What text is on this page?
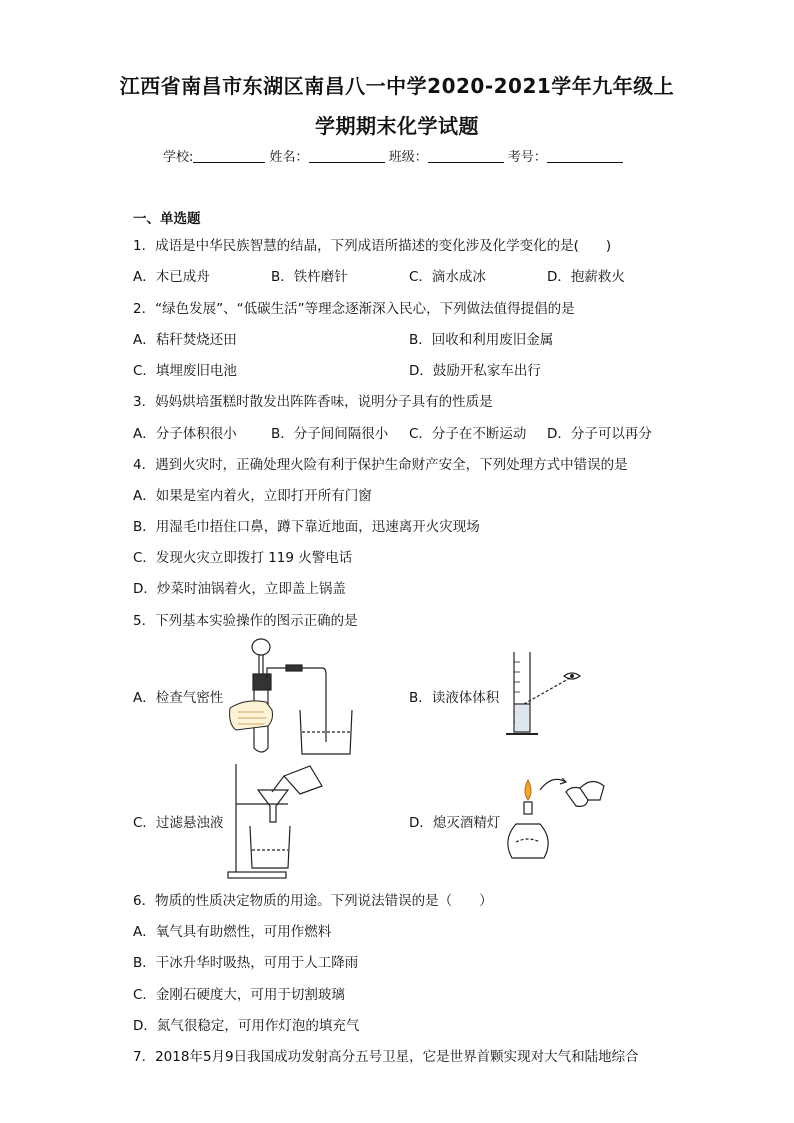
江西省南昌市东湖区南昌八一中学2020-2021学年九年级上
学期期末化学试题
学校:	姓名：	班级：	考号：
一、单选题
1．成语是中华民族智慧的结晶，下列成语所描述的变化涉及化学变化的是(　　)
A．木已成舟	B．铁杵磨针	C．滴水成冰	D．抱薪救火
2．“绿色发展”、“低碳生活”等理念逐渐深入民心，下列做法值得提倡的是
A．秸秆焚烧还田	B．回收和利用废旧金属
C．填埋废旧电池	D．鼓励开私家车出行
3．妈妈烘培蛋糕时散发出阵阵香味，说明分子具有的性质是
A．分子体积很小	B．分子间间隔很小 C．分子在不断运动 D．分子可以再分
4．遇到火灾时，正确处理火险有利于保护生命财产安全，下列处理方式中错误的是
A．如果是室内着火，立即打开所有门窗
B．用湿毛巾捂住口鼻，蹲下靠近地面，迅速离开火灾现场
C．发现火灾立即拨打 119 火警电话
D．炒菜时油锅着火，立即盖上锅盖
5．下列基本实验操作的图示正确的是
A．检查气密性	B．读液体体积
C．过滤悬浊液	D．熄灭酒精灯
6．物质的性质决定物质的用途。下列说法错误的是（　　）
A．氧气具有助燃性，可用作燃料
B．干冰升华时吸热，可用于人工降雨
C．金刚石硬度大，可用于切割玻璃
D．氮气很稳定，可用作灯泡的填充气
7．2018年5月9日我国成功发射高分五号卫星，它是世界首颗实现对大气和陆地综合
